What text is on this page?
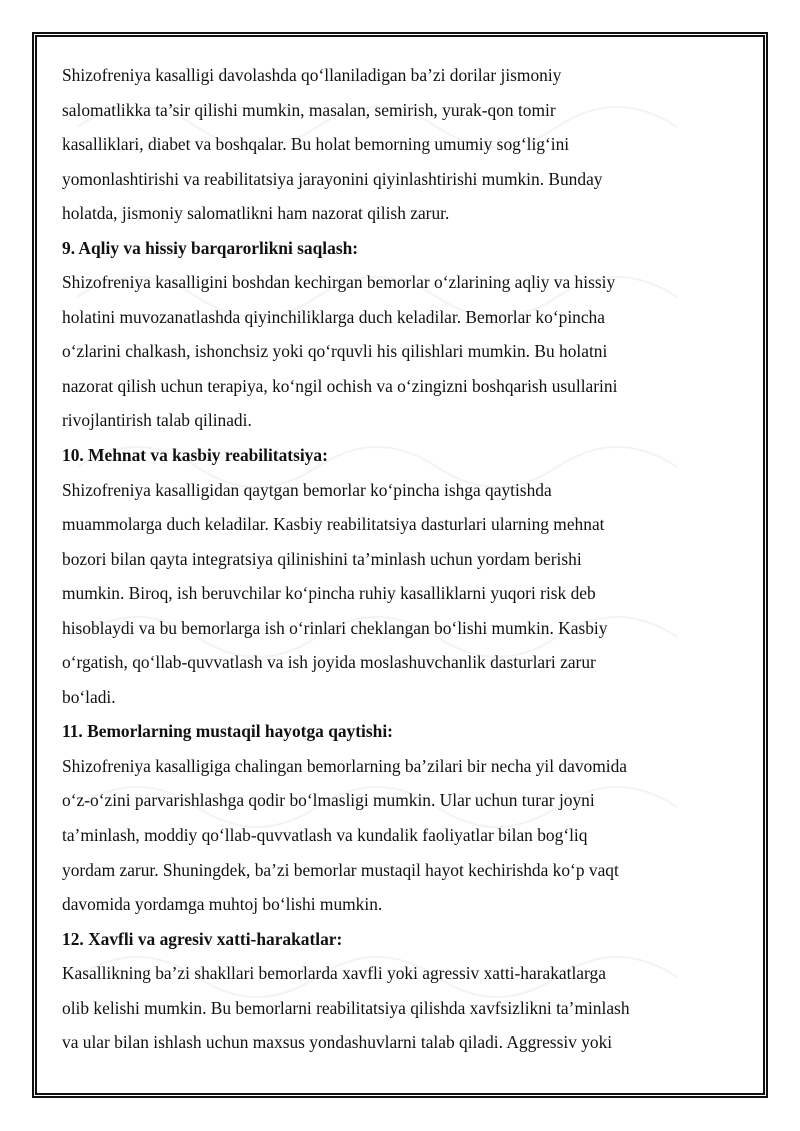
Shizofreniya kasalligi davolashda qo‘llaniladigan ba’zi dorilar jismoniy
salomatlikka ta’sir qilishi mumkin, masalan, semirish, yurak-qon tomir
kasalliklari, diabet va boshqalar. Bu holat bemorning umumiy sog‘lig‘ini
yomonlashtirishi va reabilitatsiya jarayonini qiyinlashtirishi mumkin. Bunday
holatda, jismoniy salomatlikni ham nazorat qilish zarur.
9. Aqliy va hissiy barqarorlikni saqlash:
Shizofreniya kasalligini boshdan kechirgan bemorlar o‘zlarining aqliy va hissiy
holatini muvozanatlashda qiyinchiliklarga duch keladilar. Bemorlar ko‘pincha
o‘zlarini chalkash, ishonchsiz yoki qo‘rquvli his qilishlari mumkin. Bu holatni
nazorat qilish uchun terapiya, ko‘ngil ochish va o‘zingizni boshqarish usullarini
rivojlantirish talab qilinadi.
10. Mehnat va kasbiy reabilitatsiya:
Shizofreniya kasalligidan qaytgan bemorlar ko‘pincha ishga qaytishda
muammolarga duch keladilar. Kasbiy reabilitatsiya dasturlari ularning mehnat
bozori bilan qayta integratsiya qilinishini ta’minlash uchun yordam berishi
mumkin. Biroq, ish beruvchilar ko‘pincha ruhiy kasalliklarni yuqori risk deb
hisoblaydi va bu bemorlarga ish o‘rinlari cheklangan bo‘lishi mumkin. Kasbiy
o‘rgatish, qo‘llab-quvvatlash va ish joyida moslashuvchanlik dasturlari zarur
bo‘ladi.
11. Bemorlarning mustaqil hayotga qaytishi:
Shizofreniya kasalligiga chalingan bemorlarning ba’zilari bir necha yil davomida
o‘z-o‘zini parvarishlashga qodir bo‘lmasligi mumkin. Ular uchun turar joyni
ta’minlash, moddiy qo‘llab-quvvatlash va kundalik faoliyatlar bilan bog‘liq
yordam zarur. Shuningdek, ba’zi bemorlar mustaqil hayot kechirishda ko‘p vaqt
davomida yordamga muhtoj bo‘lishi mumkin.
12. Xavfli va agresiv xatti-harakatlar:
Kasallikning ba’zi shakllari bemorlarda xavfli yoki agressiv xatti-harakatlarga
olib kelishi mumkin. Bu bemorlarni reabilitatsiya qilishda xavfsizlikni ta’minlash
va ular bilan ishlash uchun maxsus yondashuvlarni talab qiladi. Aggressiv yoki
